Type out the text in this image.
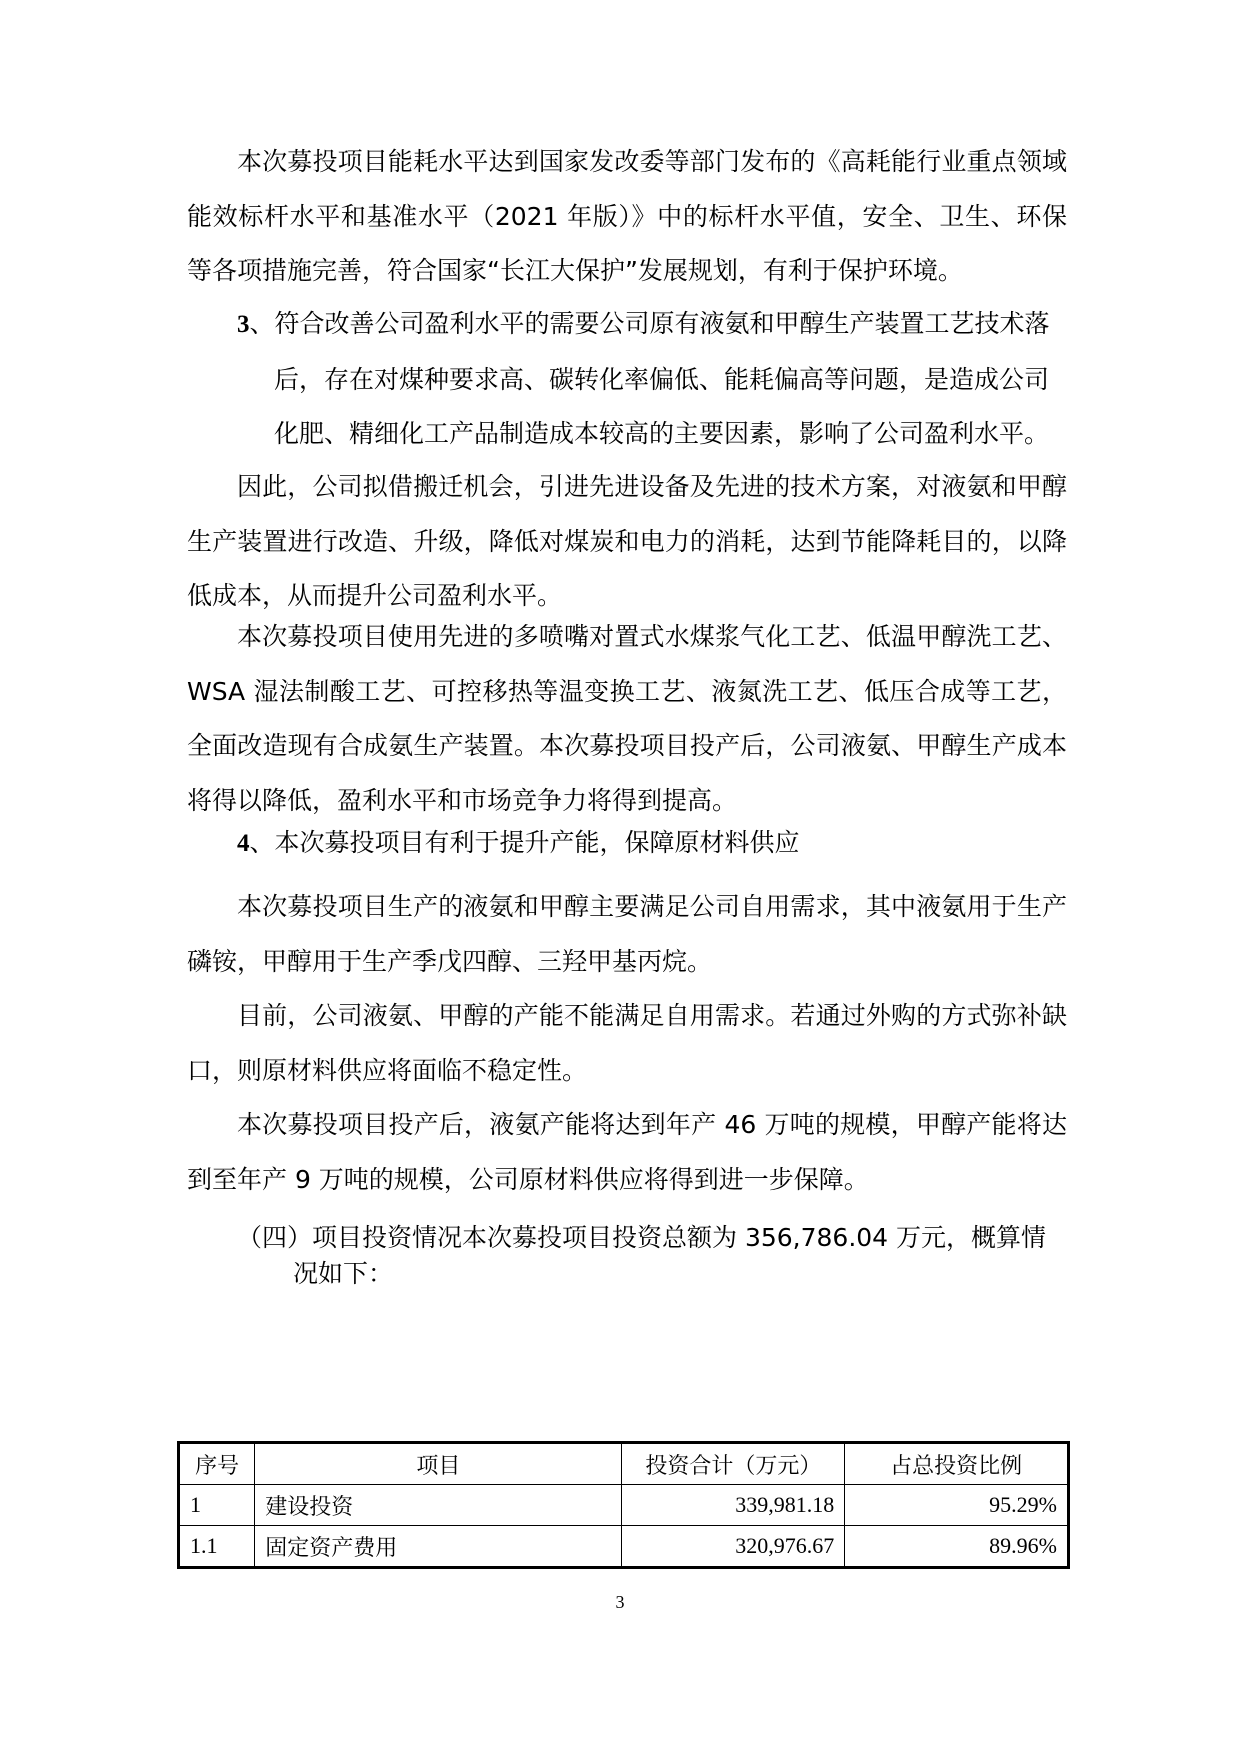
本次募投项目能耗水平达到国家发改委等部门发布的《高耗能行业重点领域能效标杆水平和基准水平（2021 年版）》中的标杆水平值，安全、卫生、环保等各项措施完善，符合国家“长江大保护”发展规划，有利于保护环境。

3、符合改善公司盈利水平的需要公司原有液氨和甲醇生产装置工艺技术落后，存在对煤种要求高、碳转化率偏低、能耗偏高等问题，是造成公司化肥、精细化工产品制造成本较高的主要因素，影响了公司盈利水平。

因此，公司拟借搬迁机会，引进先进设备及先进的技术方案，对液氨和甲醇生产装置进行改造、升级，降低对煤炭和电力的消耗，达到节能降耗目的，以降低成本，从而提升公司盈利水平。

本次募投项目使用先进的多喷嘴对置式水煤浆气化工艺、低温甲醇洗工艺、WSA 湿法制酸工艺、可控移热等温变换工艺、液氮洗工艺、低压合成等工艺，全面改造现有合成氨生产装置。本次募投项目投产后，公司液氨、甲醇生产成本将得以降低，盈利水平和市场竞争力将得到提高。

4、本次募投项目有利于提升产能，保障原材料供应

本次募投项目生产的液氨和甲醇主要满足公司自用需求，其中液氨用于生产磷铵，甲醇用于生产季戊四醇、三羟甲基丙烷。

目前，公司液氨、甲醇的产能不能满足自用需求。若通过外购的方式弥补缺口，则原材料供应将面临不稳定性。

本次募投项目投产后，液氨产能将达到年产 46 万吨的规模，甲醇产能将达到至年产 9 万吨的规模，公司原材料供应将得到进一步保障。

（四）项目投资情况本次募投项目投资总额为 356,786.04 万元，概算情况如下：
序号	项目	投资合计（万元）	占总投资比例
1	建设投资	339,981.18	95.29%
1.1	固定资产费用	320,976.67	89.96%
3
